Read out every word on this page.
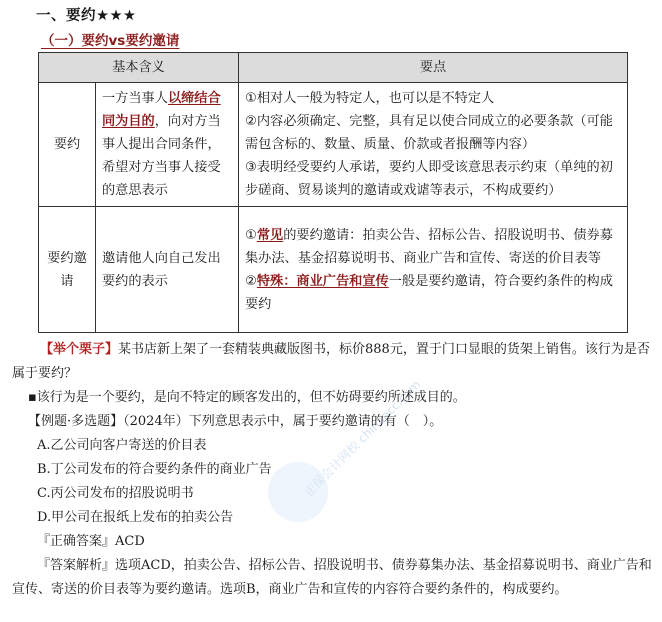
一、要约★★★
（一）要约vs要约邀请
基本含义		要点
要约	一方当事人以缔结合同为目的，向对方当事人提出合同条件，希望对方当事人接受的意思表示	①相对人一般为特定人，也可以是不特定人
②内容必须确定、完整，具有足以使合同成立的必要条款（可能需包含标的、数量、质量、价款或者报酬等内容）
③表明经受要约人承诺，要约人即受该意思表示约束（单纯的初步磋商、贸易谈判的邀请或戏谑等表示，不构成要约）

要约邀请	邀请他人向自己发出要约的表示	①常见的要约邀请：拍卖公告、招标公告、招股说明书、债券募集办法、基金招募说明书、商业广告和宣传、寄送的价目表等
②特殊：商业广告和宣传一般是要约邀请，符合要约条件的构成要约
正保会计网校 chinaacc.com
【举个栗子】某书店新上架了一套精装典藏版图书，标价888元，置于门口显眼的货架上销售。该行为是否属于要约？
▪该行为是一个要约，是向不特定的顾客发出的，但不妨碍要约所述成目的。
【例题·多选题】（2024年）下列意思表示中，属于要约邀请的有（　）。
A.乙公司向客户寄送的价目表
B.丁公司发布的符合要约条件的商业广告
C.丙公司发布的招股说明书
D.甲公司在报纸上发布的拍卖公告
『正确答案』ACD
『答案解析』选项ACD，拍卖公告、招标公告、招股说明书、债券募集办法、基金招募说明书、商业广告和宣传、寄送的价目表等为要约邀请。选项B，商业广告和宣传的内容符合要约条件的，构成要约。
